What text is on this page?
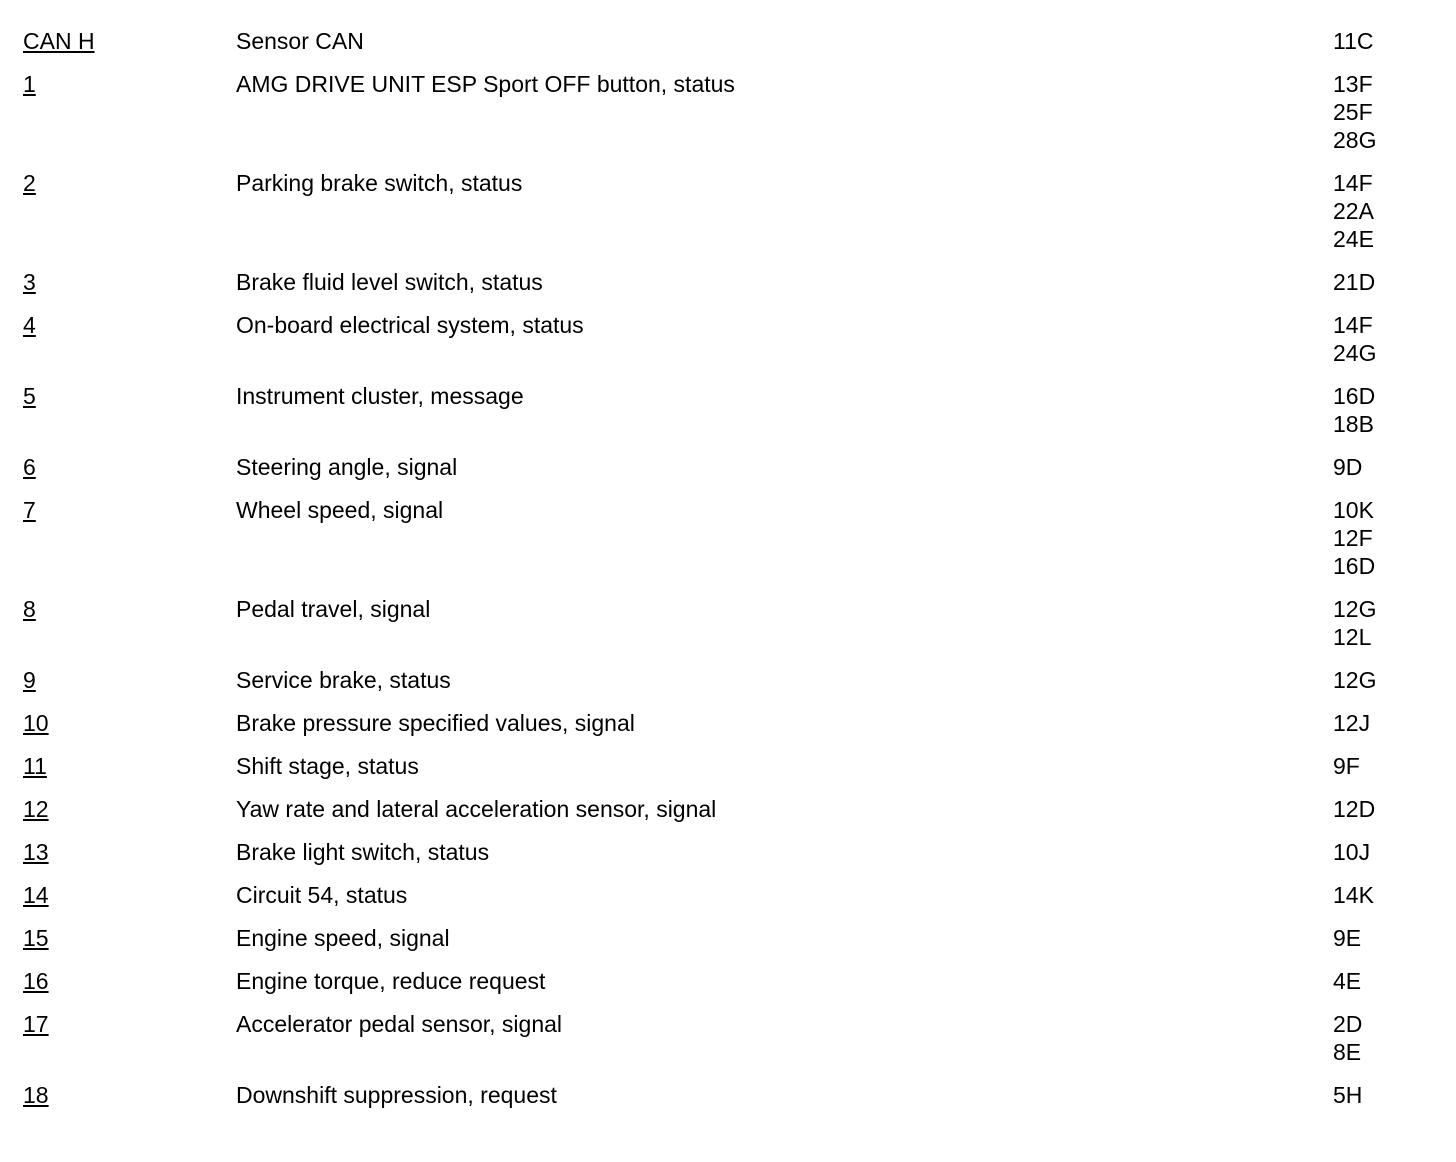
CAN H	Sensor CAN	11C
1	AMG DRIVE UNIT ESP Sport OFF button, status	13F
25F
28G
2	Parking brake switch, status	14F
22A
24E
3	Brake fluid level switch, status	21D
4	On-board electrical system, status	14F
24G
5	Instrument cluster, message	16D
18B
6	Steering angle, signal	9D
7	Wheel speed, signal	10K
12F
16D
8	Pedal travel, signal	12G
12L
9	Service brake, status	12G
10	Brake pressure specified values, signal	12J
11	Shift stage, status	9F
12	Yaw rate and lateral acceleration sensor, signal	12D
13	Brake light switch, status	10J
14	Circuit 54, status	14K
15	Engine speed, signal	9E
16	Engine torque, reduce request	4E
17	Accelerator pedal sensor, signal	2D
8E
18	Downshift suppression, request	5H
